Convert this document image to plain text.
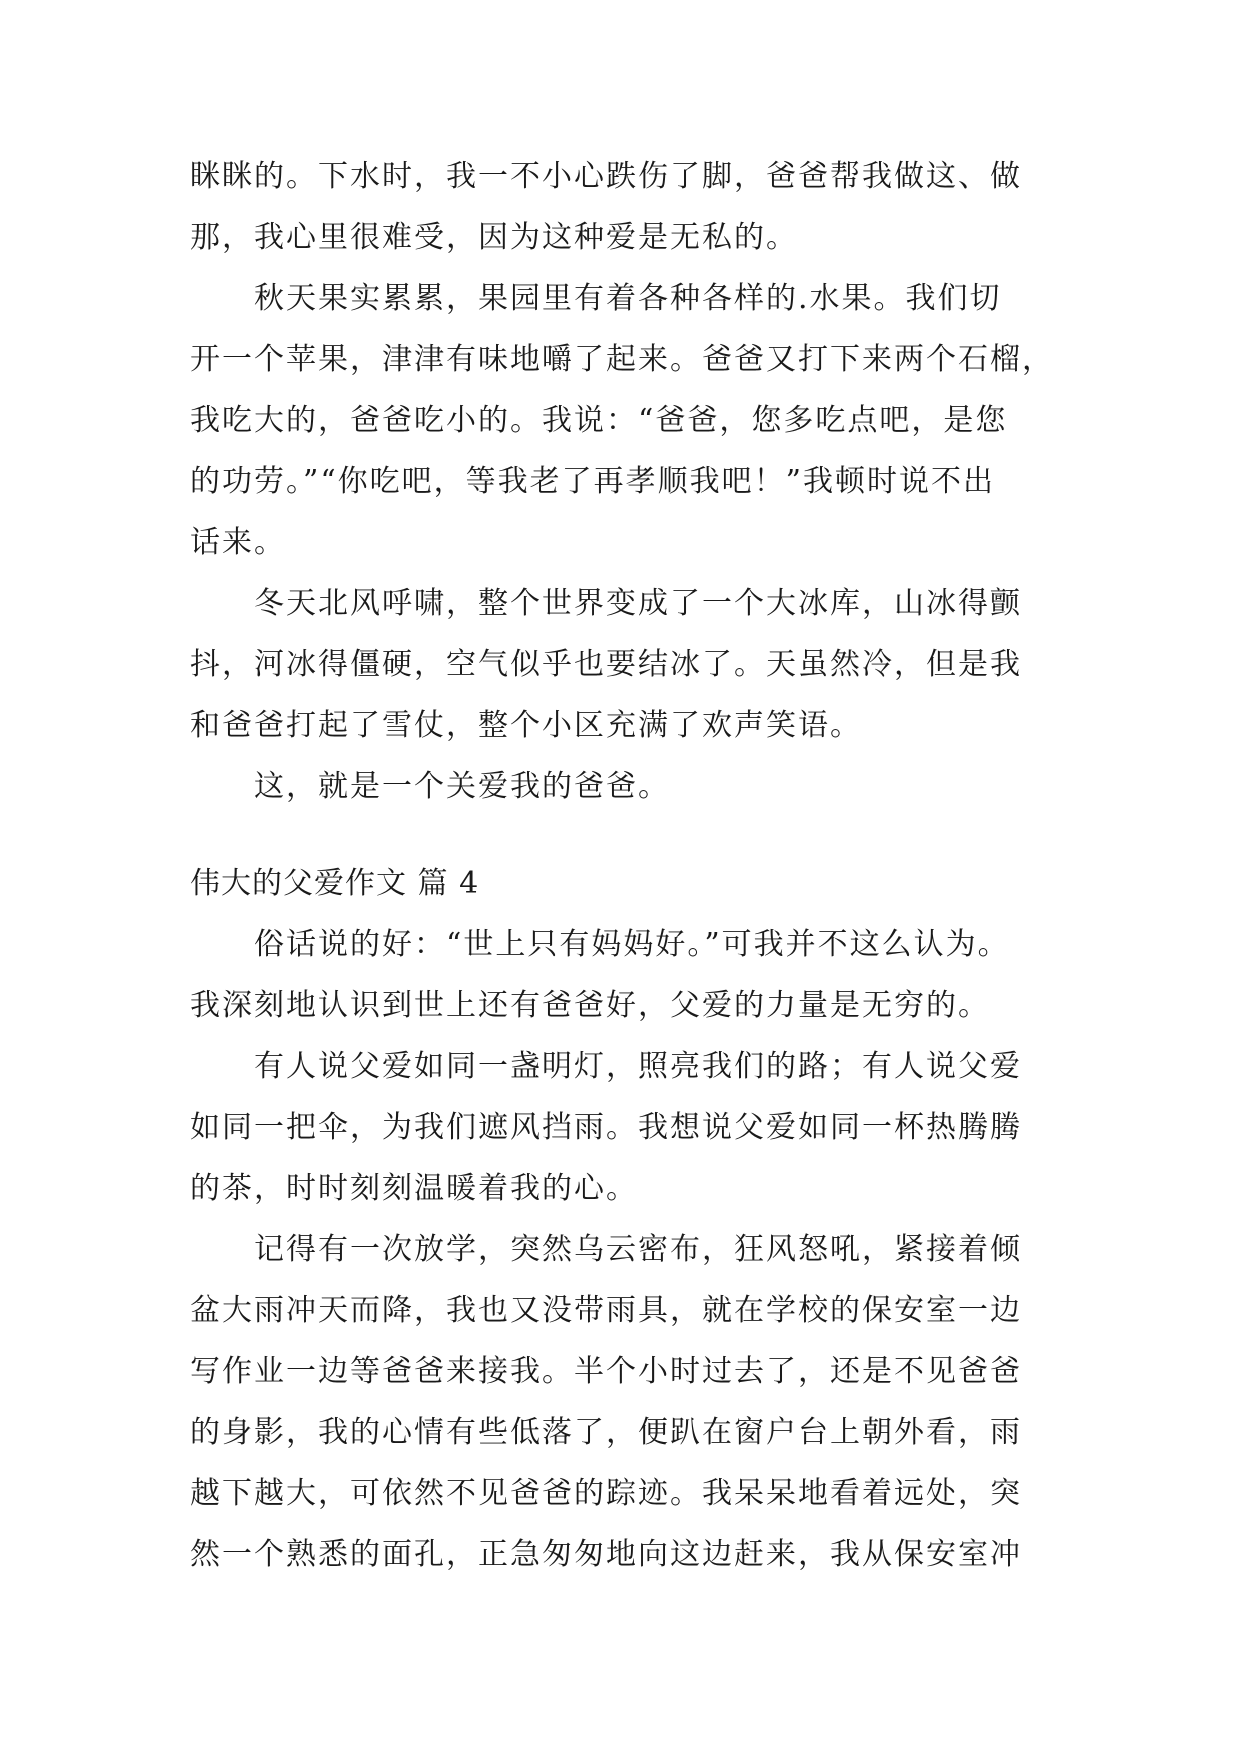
眯眯的。下水时，我一不小心跌伤了脚，爸爸帮我做这、做
那，我心里很难受，因为这种爱是无私的。
秋天果实累累，果园里有着各种各样的.水果。我们切
开一个苹果，津津有味地嚼了起来。爸爸又打下来两个石榴，
我吃大的，爸爸吃小的。我说：“爸爸，您多吃点吧，是您
的功劳。”“你吃吧，等我老了再孝顺我吧！”我顿时说不出
话来。
冬天北风呼啸，整个世界变成了一个大冰库，山冰得颤
抖，河冰得僵硬，空气似乎也要结冰了。天虽然冷，但是我
和爸爸打起了雪仗，整个小区充满了欢声笑语。
这，就是一个关爱我的爸爸。
伟大的父爱作文 篇 4
俗话说的好：“世上只有妈妈好。”可我并不这么认为。
我深刻地认识到世上还有爸爸好，父爱的力量是无穷的。
有人说父爱如同一盏明灯，照亮我们的路；有人说父爱
如同一把伞，为我们遮风挡雨。我想说父爱如同一杯热腾腾
的茶，时时刻刻温暖着我的心。
记得有一次放学，突然乌云密布，狂风怒吼，紧接着倾
盆大雨冲天而降，我也又没带雨具，就在学校的保安室一边
写作业一边等爸爸来接我。半个小时过去了，还是不见爸爸
的身影，我的心情有些低落了，便趴在窗户台上朝外看，雨
越下越大，可依然不见爸爸的踪迹。我呆呆地看着远处，突
然一个熟悉的面孔，正急匆匆地向这边赶来，我从保安室冲
